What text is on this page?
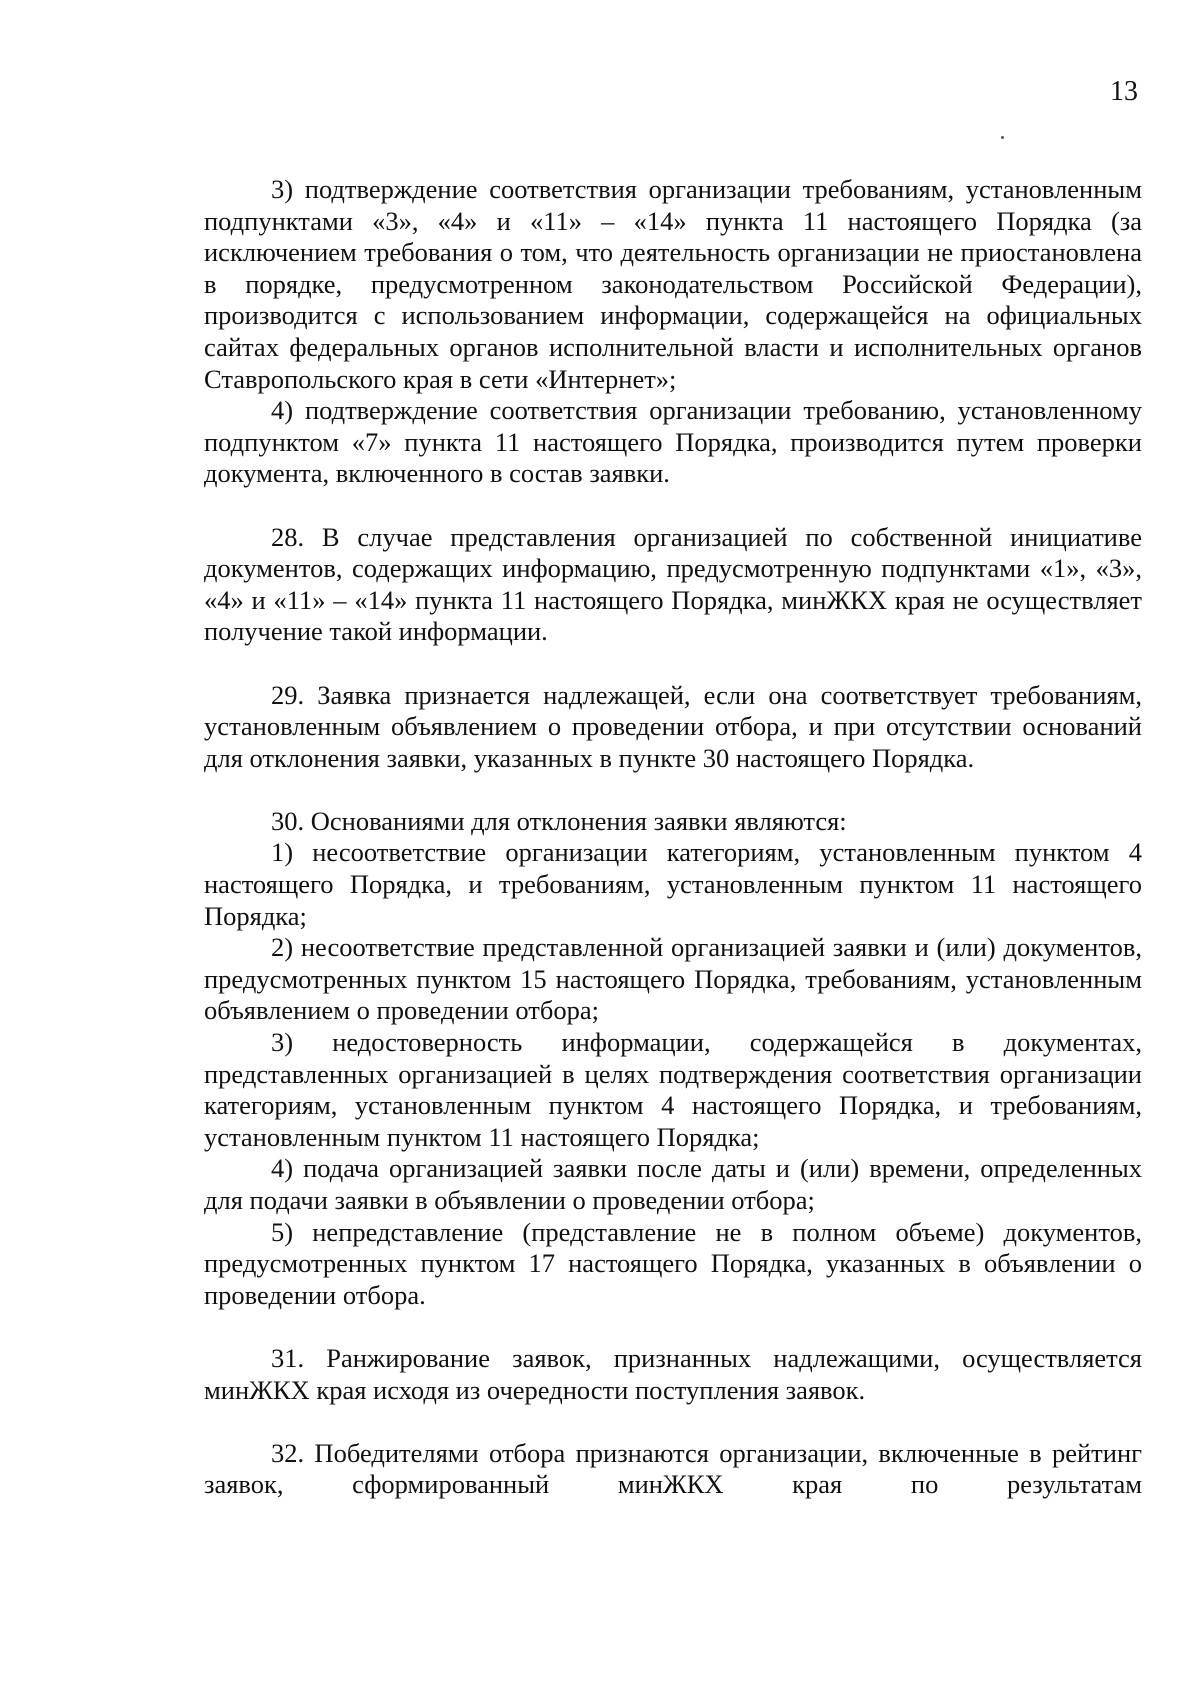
13

3) подтверждение соответствия организации требованиям, установленным подпунктами «3», «4» и «11» – «14» пункта 11 настоящего Порядка (за исключением требования о том, что деятельность организации не приостановлена в порядке, предусмотренном законодательством Российской Федерации), производится с использованием информации, содержащейся на официальных сайтах федеральных органов исполнительной власти и исполнительных органов Ставропольского края в сети «Интернет»;

4) подтверждение соответствия организации требованию, установленному подпунктом «7» пункта 11 настоящего Порядка, производится путем проверки документа, включенного в состав заявки.

28. В случае представления организацией по собственной инициативе документов, содержащих информацию, предусмотренную подпунктами «1», «3», «4» и «11» – «14» пункта 11 настоящего Порядка, минЖКХ края не осуществляет получение такой информации.

29. Заявка признается надлежащей, если она соответствует требованиям, установленным объявлением о проведении отбора, и при отсутствии оснований для отклонения заявки, указанных в пункте 30 настоящего Порядка.

30. Основаниями для отклонения заявки являются:

1) несоответствие организации категориям, установленным пунктом 4 настоящего Порядка, и требованиям, установленным пунктом 11 настоящего Порядка;

2) несоответствие представленной организацией заявки и (или) документов, предусмотренных пунктом 15 настоящего Порядка, требованиям, установленным объявлением о проведении отбора;

3) недостоверность информации, содержащейся в документах, представленных организацией в целях подтверждения соответствия организации категориям, установленным пунктом 4 настоящего Порядка, и требованиям, установленным пунктом 11 настоящего Порядка;

4) подача организацией заявки после даты и (или) времени, определенных для подачи заявки в объявлении о проведении отбора;

5) непредставление (представление не в полном объеме) документов, предусмотренных пунктом 17 настоящего Порядка, указанных в объявлении о проведении отбора.

31. Ранжирование заявок, признанных надлежащими, осуществляется минЖКХ края исходя из очередности поступления заявок.

32. Победителями отбора признаются организации, включенные в рейтинг заявок, сформированный минЖКХ края по результатам
